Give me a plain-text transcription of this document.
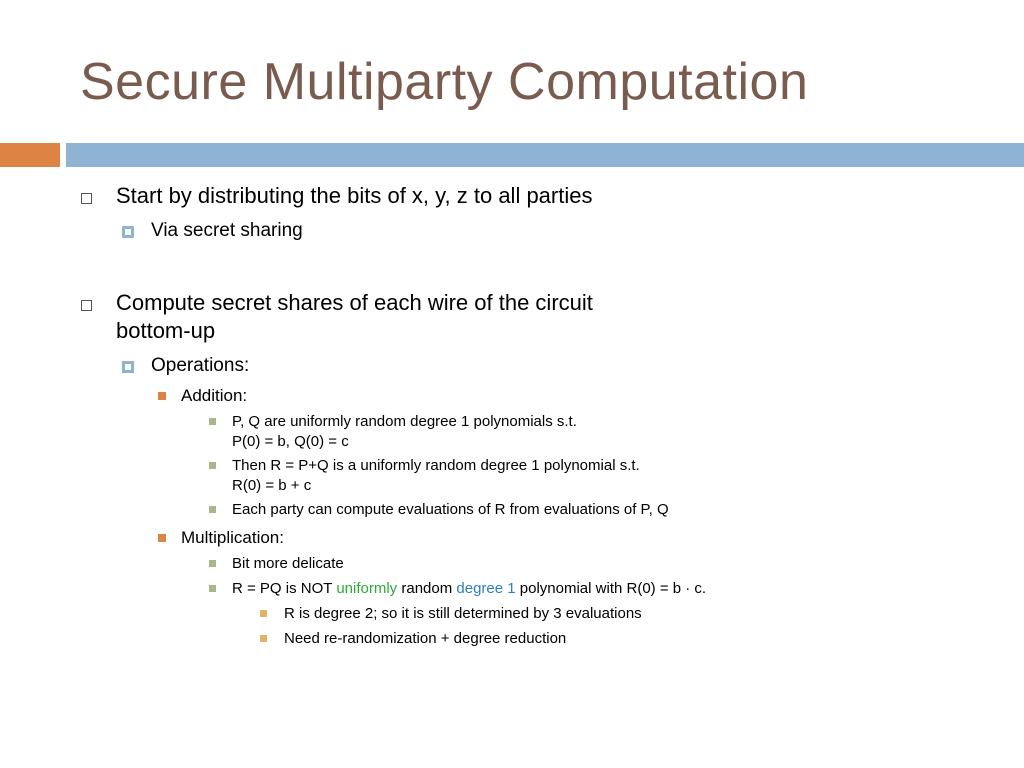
Secure Multiparty Computation
Start by distributing the bits of x, y, z to all parties
Via secret sharing
Compute secret shares of each wire of the circuit
bottom-up
Operations:
Addition:
P, Q are uniformly random degree 1 polynomials s.t.
P(0) = b, Q(0) = c
Then R = P+Q is a uniformly random degree 1 polynomial s.t.
R(0) = b + c
Each party can compute evaluations of R from evaluations of P, Q
Multiplication:
Bit more delicate
R = PQ is NOT uniformly random degree 1 polynomial with R(0) = b · c.
R is degree 2; so it is still determined by 3 evaluations
Need re-randomization + degree reduction
